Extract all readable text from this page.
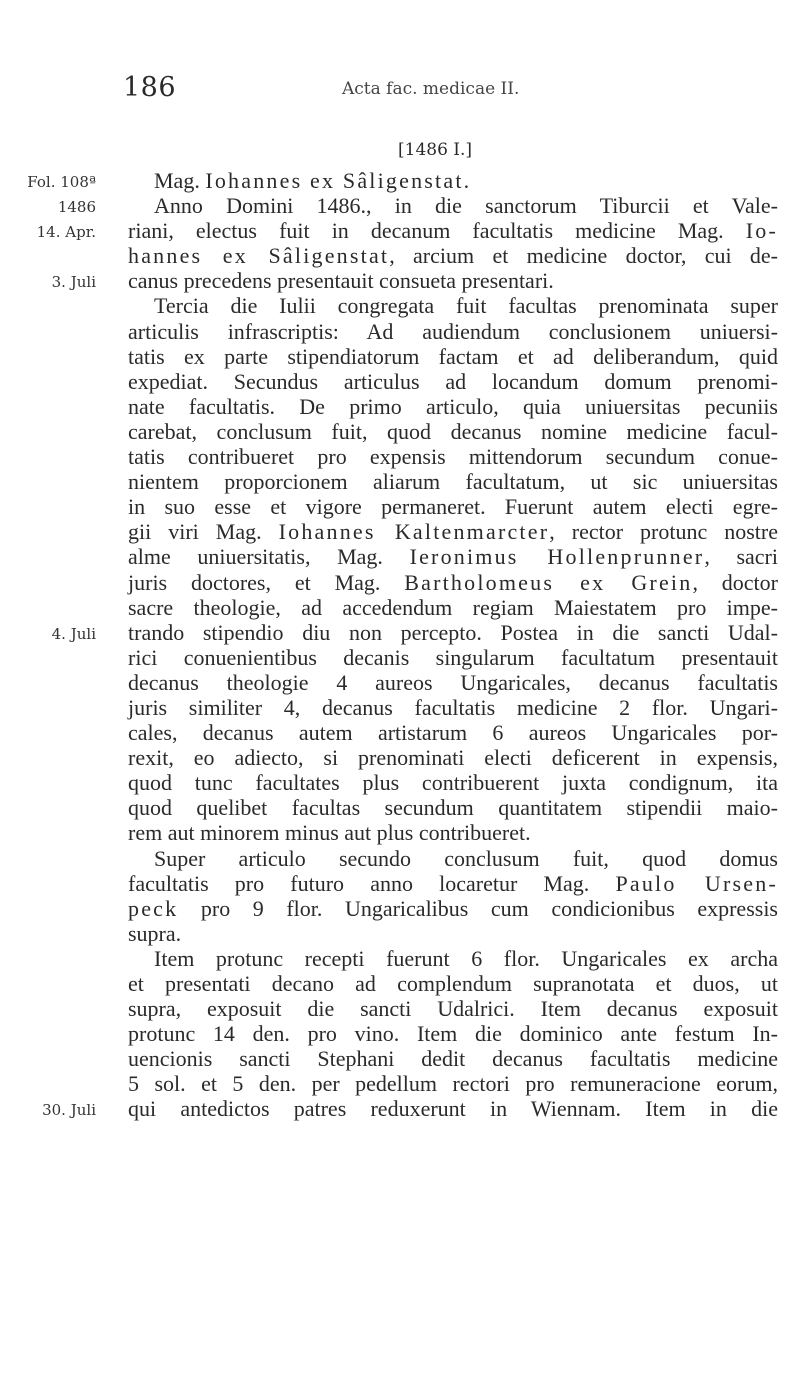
186	Acta fac. medicae II.
[1486 I.]
Fol. 108ª
1486
14. Apr.
3. Juli
4. Juli
30. Juli
Mag. Iohannes ex Sâligenstat.
Anno Domini 1486., in die sanctorum Tiburcii et Vale-
riani, electus fuit in decanum facultatis medicine Mag. Io-
hannes ex Sâligenstat, arcium et medicine doctor, cui de-
canus precedens presentauit consueta presentari.
Tercia die Iulii congregata fuit facultas prenominata super
articulis infrascriptis: Ad audiendum conclusionem uniuersi-
tatis ex parte stipendiatorum factam et ad deliberandum, quid
expediat. Secundus articulus ad locandum domum prenomi-
nate facultatis. De primo articulo, quia uniuersitas pecuniis
carebat, conclusum fuit, quod decanus nomine medicine facul-
tatis contribueret pro expensis mittendorum secundum conue-
nientem proporcionem aliarum facultatum, ut sic uniuersitas
in suo esse et vigore permaneret. Fuerunt autem electi egre-
gii viri Mag. Iohannes Kaltenmarcter, rector protunc nostre
alme uniuersitatis, Mag. Ieronimus Hollenprunner, sacri
juris doctores, et Mag. Bartholomeus ex Grein, doctor
sacre theologie, ad accedendum regiam Maiestatem pro impe-
trando stipendio diu non percepto. Postea in die sancti Udal-
rici conuenientibus decanis singularum facultatum presentauit
decanus theologie 4 aureos Ungaricales, decanus facultatis
juris similiter 4, decanus facultatis medicine 2 flor. Ungari-
cales, decanus autem artistarum 6 aureos Ungaricales por-
rexit, eo adiecto, si prenominati electi deficerent in expensis,
quod tunc facultates plus contribuerent juxta condignum, ita
quod quelibet facultas secundum quantitatem stipendii maio-
rem aut minorem minus aut plus contribueret.
Super articulo secundo conclusum fuit, quod domus
facultatis pro futuro anno locaretur Mag. Paulo Ursen-
peck pro 9 flor. Ungaricalibus cum condicionibus expressis
supra.
Item protunc recepti fuerunt 6 flor. Ungaricales ex archa
et presentati decano ad complendum supranotata et duos, ut
supra, exposuit die sancti Udalrici. Item decanus exposuit
protunc 14 den. pro vino. Item die dominico ante festum In-
uencionis sancti Stephani dedit decanus facultatis medicine
5 sol. et 5 den. per pedellum rectori pro remuneracione eorum,
qui antedictos patres reduxerunt in Wiennam. Item in die
